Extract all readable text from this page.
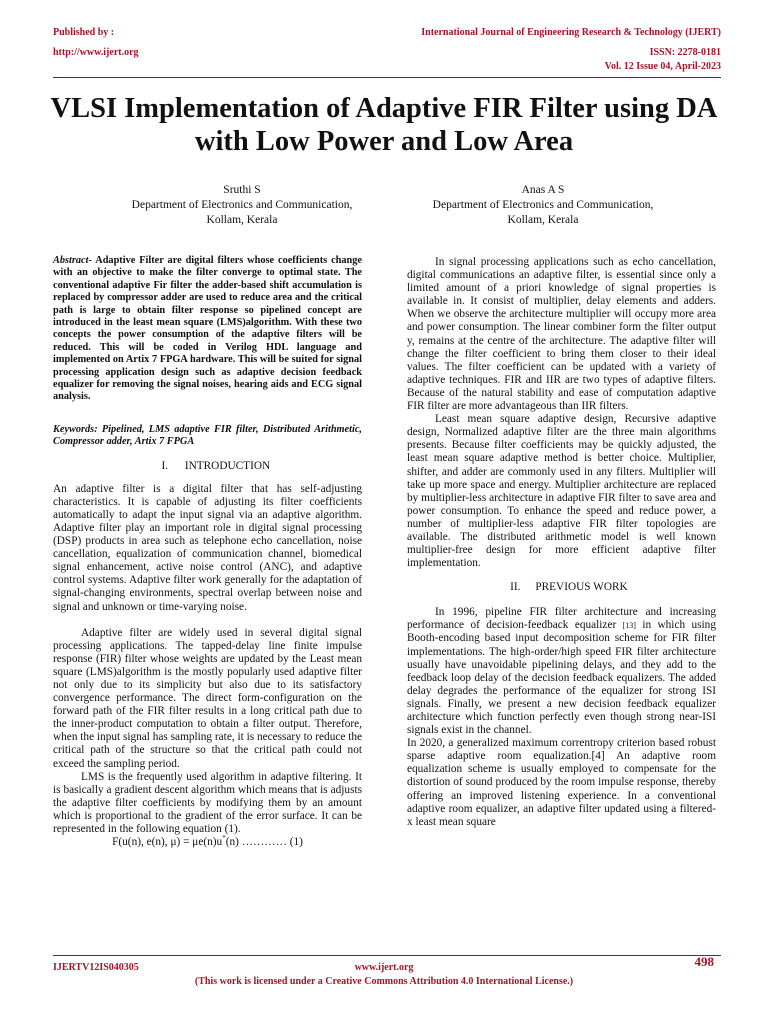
Published by :
http://www.ijert.org
International Journal of Engineering Research & Technology (IJERT)
ISSN: 2278-0181
Vol. 12 Issue 04, April-2023
VLSI Implementation of Adaptive FIR Filter using DA with Low Power and Low Area
Sruthi S
Department of Electronics and Communication,
Kollam, Kerala
Anas A S
Department of Electronics and Communication,
Kollam, Kerala

Abstract- Adaptive Filter are digital filters whose coefficients change with an objective to make the filter converge to optimal state. The conventional adaptive Fir filter the adder-based shift accumulation is replaced by compressor adder are used to reduce area and the critical path is large to obtain filter response so pipelined concept are introduced in the least mean square (LMS)algorithm. With these two concepts the power consumption of the adaptive filters will be reduced. This will be coded in Verilog HDL language and implemented on Artix 7 FPGA hardware. This will be suited for signal processing application design such as adaptive decision feedback equalizer for removing the signal noises, hearing aids and ECG signal analysis.

Keywords: Pipelined, LMS adaptive FIR filter, Distributed Arithmetic, Compressor adder, Artix 7 FPGA

I. INTRODUCTION

An adaptive filter is a digital filter that has self-adjusting characteristics. It is capable of adjusting its filter coefficients automatically to adapt the input signal via an adaptive algorithm. Adaptive filter play an important role in digital signal processing (DSP) products in area such as telephone echo cancellation, noise cancellation, equalization of communication channel, biomedical signal enhancement, active noise control (ANC), and adaptive control systems. Adaptive filter work generally for the adaptation of signal-changing environments, spectral overlap between noise and signal and unknown or time-varying noise.

Adaptive filter are widely used in several digital signal processing applications. The tapped-delay line finite impulse response (FIR) filter whose weights are updated by the Least mean square (LMS)algorithm is the mostly popularly used adaptive filter not only due to its simplicity but also due to its satisfactory convergence performance. The direct form-configuration on the forward path of the FIR filter results in a long critical path due to the inner-product computation to obtain a filter output. Therefore, when the input signal has sampling rate, it is necessary to reduce the critical path of the structure so that the critical path could not exceed the sampling period.

LMS is the frequently used algorithm in adaptive filtering. It is basically a gradient descent algorithm which means that is adjusts the adaptive filter coefficients by modifying them by an amount which is proportional to the gradient of the error surface. It can be represented in the following equation (1).

F(u(n), e(n), μ) = μe(n)u*(n) ………… (1)

In signal processing applications such as echo cancellation, digital communications an adaptive filter, is essential since only a limited amount of a priori knowledge of signal properties is available in. It consist of multiplier, delay elements and adders. When we observe the architecture multiplier will occupy more area and power consumption. The linear combiner form the filter output y, remains at the centre of the architecture. The adaptive filter will change the filter coefficient to bring them closer to their ideal values. The filter coefficient can be updated with a variety of adaptive techniques. FIR and IIR are two types of adaptive filters. Because of the natural stability and ease of computation adaptive FIR filter are more advantageous than IIR filters.

Least mean square adaptive design, Recursive adaptive design, Normalized adaptive filter are the three main algorithms presents. Because filter coefficients may be quickly adjusted, the least mean square adaptive method is better choice. Multiplier, shifter, and adder are commonly used in any filters. Multiplier will take up more space and energy. Multiplier architecture are replaced by multiplier-less architecture in adaptive FIR filter to save area and power consumption. To enhance the speed and reduce power, a number of multiplier-less adaptive FIR filter topologies are available. The distributed arithmetic model is well known multiplier-free design for more efficient adaptive filter implementation.

II. PREVIOUS WORK

In 1996, pipeline FIR filter architecture and increasing performance of decision-feedback equalizer [13] in which using Booth-encoding based input decomposition scheme for FIR filter implementations. The high-order/high speed FIR filter architecture usually have unavoidable pipelining delays, and they add to the feedback loop delay of the decision feedback equalizers. The added delay degrades the performance of the equalizer for strong ISI signals. Finally, we present a new decision feedback equalizer architecture which function perfectly even though strong near-ISI signals exist in the channel.

In 2020, a generalized maximum correntropy criterion based robust sparse adaptive room equalization.[4] An adaptive room equalization scheme is usually employed to compensate for the distortion of sound produced by the room impulse response, thereby offering an improved listening experience. In a conventional adaptive room equalizer, an adaptive filter updated using a filtered-x least mean square

IJERTV12IS040305	www.ijert.org	498
(This work is licensed under a Creative Commons Attribution 4.0 International License.)
